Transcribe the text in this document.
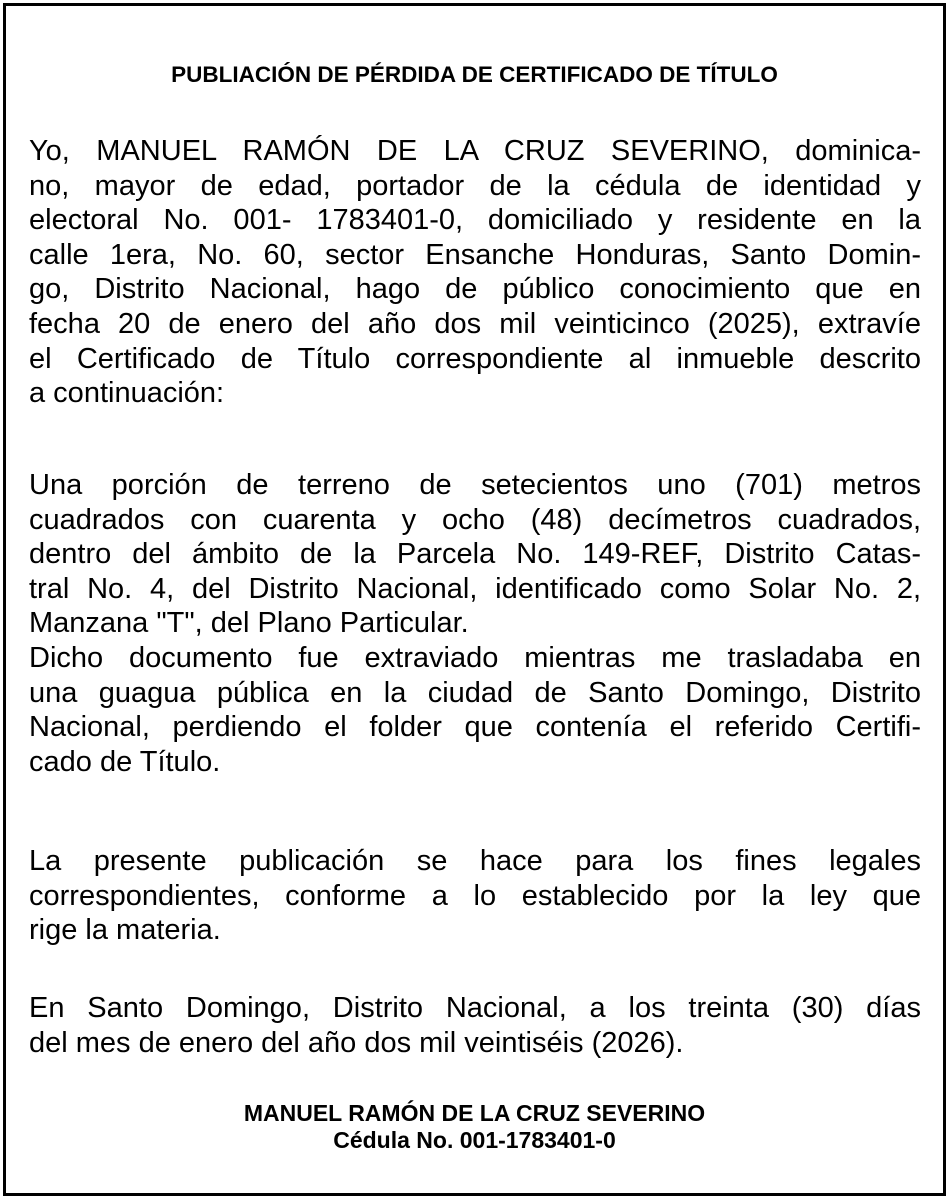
PUBLIACIÓN DE PÉRDIDA DE CERTIFICADO DE TÍTULO
Yo, MANUEL RAMÓN DE LA CRUZ SEVERINO, dominica-
no, mayor de edad, portador de la cédula de identidad y
electoral No. 001- 1783401-0, domiciliado y residente en la
calle 1era, No. 60, sector Ensanche Honduras, Santo Domin-
go, Distrito Nacional, hago de público conocimiento que en
fecha 20 de enero del año dos mil veinticinco (2025), extravíe
el Certificado de Título correspondiente al inmueble descrito
a continuación:
Una porción de terreno de setecientos uno (701) metros
cuadrados con cuarenta y ocho (48) decímetros cuadrados,
dentro del ámbito de la Parcela No. 149-REF, Distrito Catas-
tral No. 4, del Distrito Nacional, identificado como Solar No. 2,
Manzana "T", del Plano Particular.
Dicho documento fue extraviado mientras me trasladaba en
una guagua pública en la ciudad de Santo Domingo, Distrito
Nacional, perdiendo el folder que contenía el referido Certifi-
cado de Título.
La presente publicación se hace para los fines legales
correspondientes, conforme a lo establecido por la ley que
rige la materia.
En Santo Domingo, Distrito Nacional, a los treinta (30) días
del mes de enero del año dos mil veintiséis (2026).
MANUEL RAMÓN DE LA CRUZ SEVERINO
Cédula No. 001-1783401-0
